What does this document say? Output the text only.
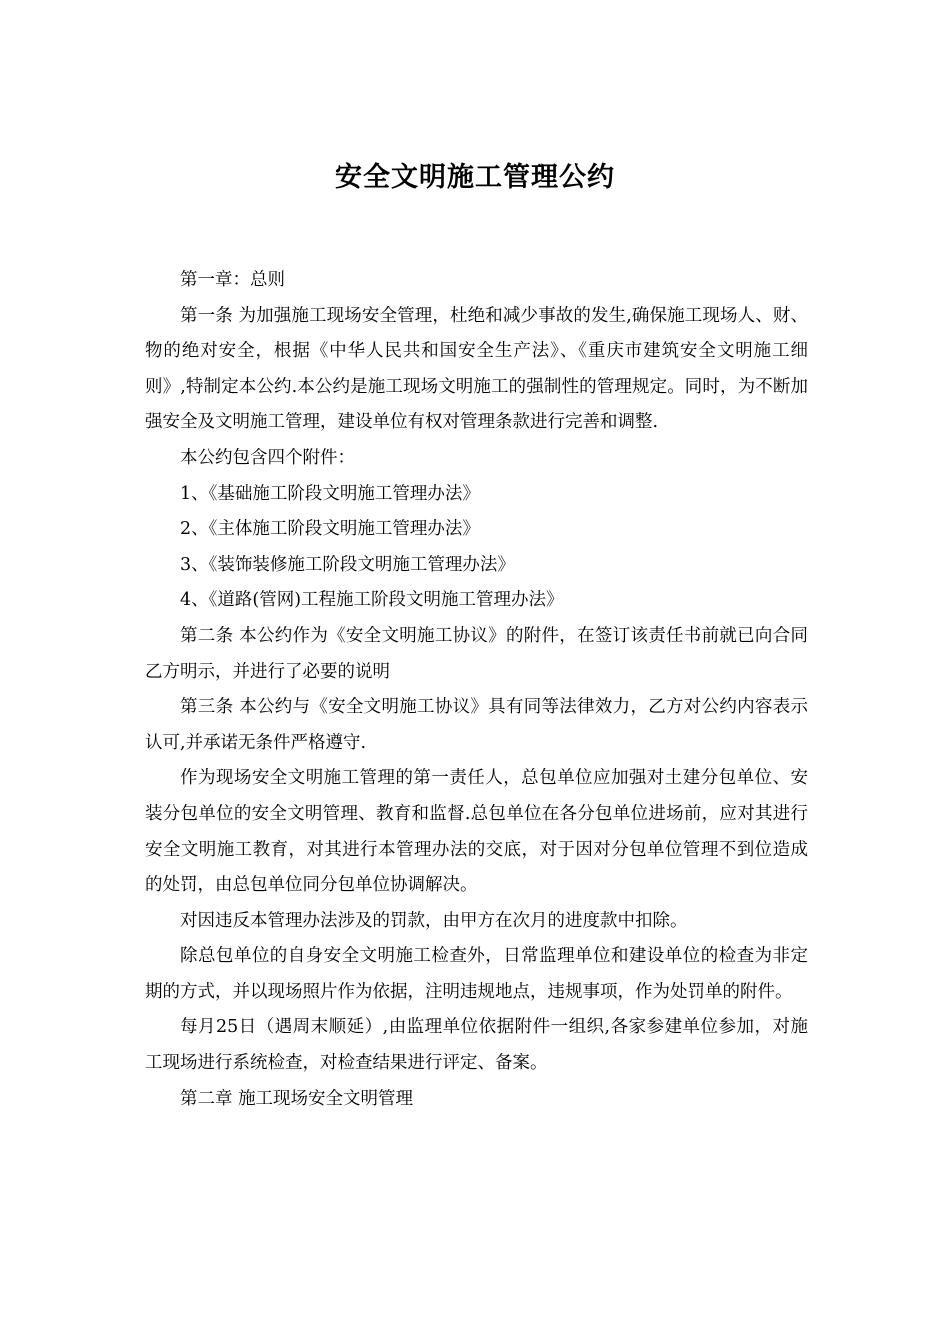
安全文明施工管理公约

第一章：总则

第一条 为加强施工现场安全管理，杜绝和减少事故的发生,确保施工现场人、财、物的绝对安全，根据《中华人民共和国安全生产法》、《重庆市建筑安全文明施工细则》,特制定本公约.本公约是施工现场文明施工的强制性的管理规定。同时，为不断加强安全及文明施工管理，建设单位有权对管理条款进行完善和调整.

本公约包含四个附件：

1、《基础施工阶段文明施工管理办法》

2、《主体施工阶段文明施工管理办法》

3、《装饰装修施工阶段文明施工管理办法》

4、《道路(管网)工程施工阶段文明施工管理办法》

第二条 本公约作为《安全文明施工协议》的附件，在签订该责任书前就已向合同乙方明示，并进行了必要的说明

第三条 本公约与《安全文明施工协议》具有同等法律效力，乙方对公约内容表示认可,并承诺无条件严格遵守.

作为现场安全文明施工管理的第一责任人，总包单位应加强对土建分包单位、安装分包单位的安全文明管理、教育和监督.总包单位在各分包单位进场前，应对其进行安全文明施工教育，对其进行本管理办法的交底，对于因对分包单位管理不到位造成的处罚，由总包单位同分包单位协调解决。

对因违反本管理办法涉及的罚款，由甲方在次月的进度款中扣除。

除总包单位的自身安全文明施工检查外，日常监理单位和建设单位的检查为非定期的方式，并以现场照片作为依据，注明违规地点，违规事项，作为处罚单的附件。

每月25日（遇周末顺延）,由监理单位依据附件一组织,各家参建单位参加，对施工现场进行系统检查，对检查结果进行评定、备案。

第二章 施工现场安全文明管理
